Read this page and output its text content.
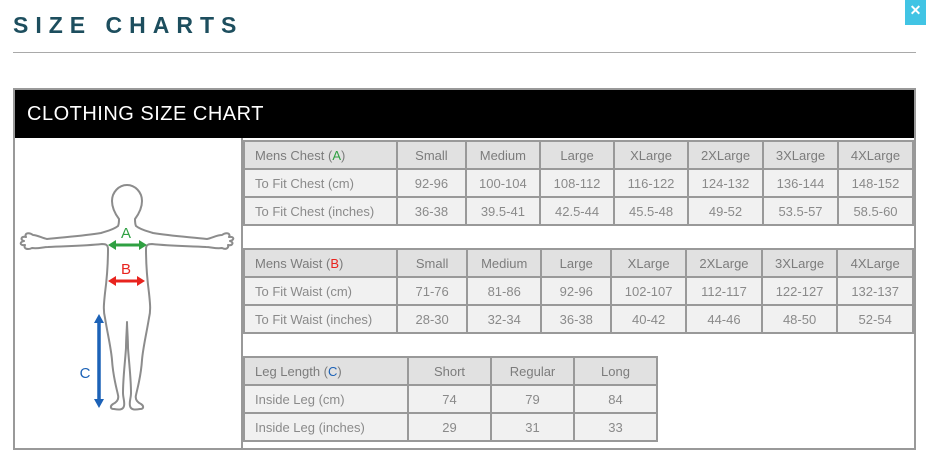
✕
SIZE CHARTS
CLOTHING SIZE CHART
A
B
C
Mens Chest (A)	Small	Medium	Large	XLarge	2XLarge	3XLarge	4XLarge
To Fit Chest (cm)	92-96	100-104	108-112	116-122	124-132	136-144	148-152
To Fit Chest (inches)	36-38	39.5-41	42.5-44	45.5-48	49-52	53.5-57	58.5-60
Mens Waist (B)	Small	Medium	Large	XLarge	2XLarge	3XLarge	4XLarge
To Fit Waist (cm)	71-76	81-86	92-96	102-107	112-117	122-127	132-137
To Fit Waist (inches)	28-30	32-34	36-38	40-42	44-46	48-50	52-54
Leg Length (C)	Short	Regular	Long
Inside Leg (cm)	74	79	84
Inside Leg (inches)	29	31	33
